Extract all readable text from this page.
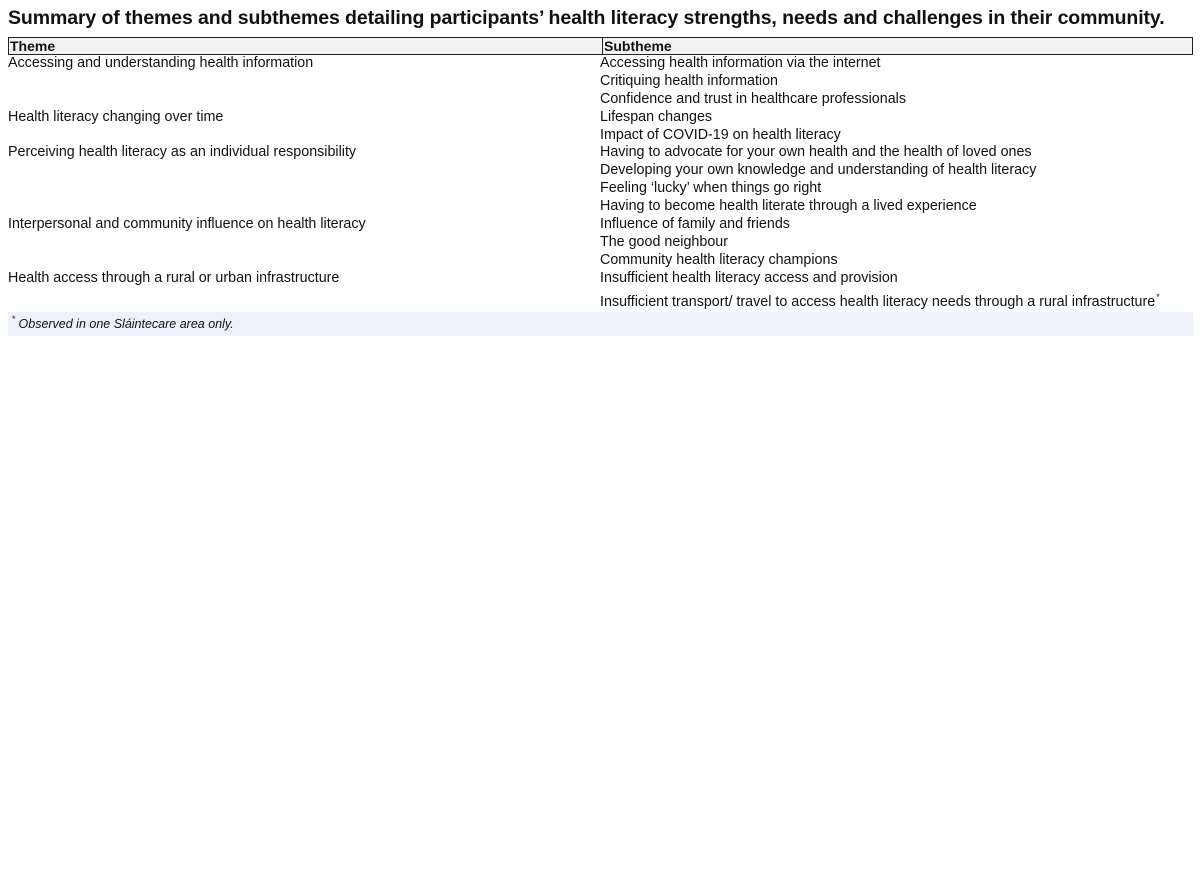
Summary of themes and subthemes detailing participants’ health literacy strengths, needs and challenges in their community.
Theme	Subtheme
Accessing and understanding health information	Accessing health information via the internet
Critiquing health information
Confidence and trust in healthcare professionals
Health literacy changing over time	Lifespan changes
Impact of COVID-19 on health literacy
Perceiving health literacy as an individual responsibility	Having to advocate for your own health and the health of loved ones
Developing your own knowledge and understanding of health literacy
Feeling ‘lucky’ when things go right
Having to become health literate through a lived experience
Interpersonal and community influence on health literacy	Influence of family and friends
The good neighbour
Community health literacy champions
Health access through a rural or urban infrastructure	Insufficient health literacy access and provision
Insufficient transport/ travel to access health literacy needs through a rural infrastructure*
* Observed in one Sláintecare area only.
